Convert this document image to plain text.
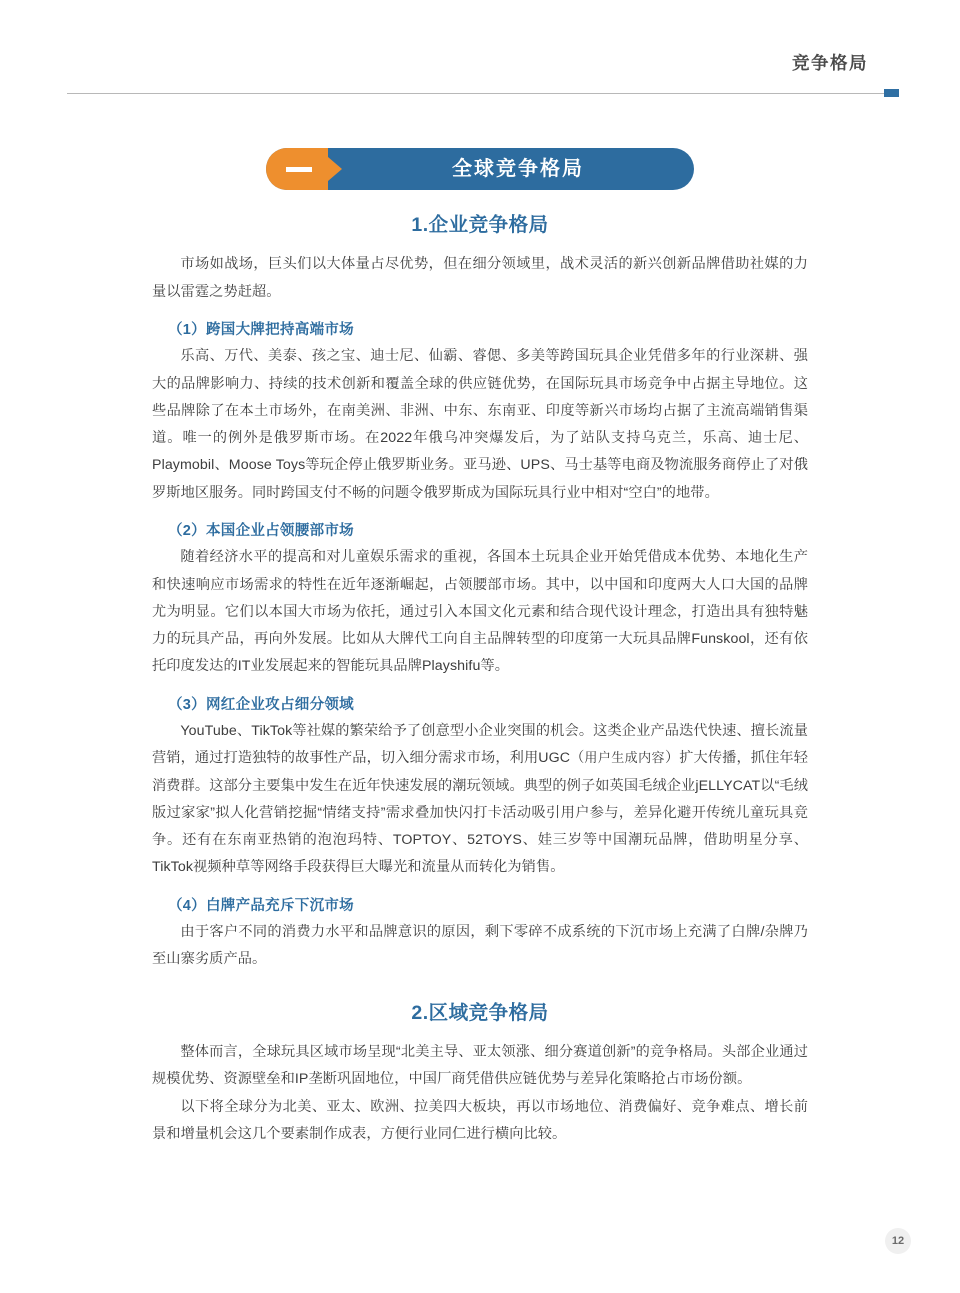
竞争格局
全球竞争格局
1.企业竞争格局

市场如战场，巨头们以大体量占尽优势，但在细分领域里，战术灵活的新兴创新品牌借助社媒的力量以雷霆之势赶超。

（1）跨国大牌把持高端市场

乐高、万代、美泰、孩之宝、迪士尼、仙霸、睿偲、多美等跨国玩具企业凭借多年的行业深耕、强大的品牌影响力、持续的技术创新和覆盖全球的供应链优势，在国际玩具市场竞争中占据主导地位。这些品牌除了在本土市场外，在南美洲、非洲、中东、东南亚、印度等新兴市场均占据了主流高端销售渠道。唯一的例外是俄罗斯市场。在2022年俄乌冲突爆发后，为了站队支持乌克兰，乐高、迪士尼、Playmobil、Moose Toys等玩企停止俄罗斯业务。亚马逊、UPS、马士基等电商及物流服务商停止了对俄罗斯地区服务。同时跨国支付不畅的问题令俄罗斯成为国际玩具行业中相对“空白”的地带。

（2）本国企业占领腰部市场

随着经济水平的提高和对儿童娱乐需求的重视，各国本土玩具企业开始凭借成本优势、本地化生产和快速响应市场需求的特性在近年逐渐崛起，占领腰部市场。其中，以中国和印度两大人口大国的品牌尤为明显。它们以本国大市场为依托，通过引入本国文化元素和结合现代设计理念，打造出具有独特魅力的玩具产品，再向外发展。比如从大牌代工向自主品牌转型的印度第一大玩具品牌Funskool，还有依托印度发达的IT业发展起来的智能玩具品牌Playshifu等。

（3）网红企业攻占细分领域

YouTube、TikTok等社媒的繁荣给予了创意型小企业突围的机会。这类企业产品迭代快速、擅长流量营销，通过打造独特的故事性产品，切入细分需求市场，利用UGC（用户生成内容）扩大传播，抓住年轻消费群。这部分主要集中发生在近年快速发展的潮玩领域。典型的例子如英国毛绒企业jELLYCAT以“毛绒版过家家”拟人化营销挖掘“情绪支持”需求叠加快闪打卡活动吸引用户参与，差异化避开传统儿童玩具竞争。还有在东南亚热销的泡泡玛特、TOPTOY、52TOYS、娃三岁等中国潮玩品牌，借助明星分享、TikTok视频种草等网络手段获得巨大曝光和流量从而转化为销售。

（4）白牌产品充斥下沉市场

由于客户不同的消费力水平和品牌意识的原因，剩下零碎不成系统的下沉市场上充满了白牌/杂牌乃至山寨劣质产品。

2.区域竞争格局

整体而言，全球玩具区域市场呈现“北美主导、亚太领涨、细分赛道创新”的竞争格局。头部企业通过规模优势、资源壁垒和IP垄断巩固地位，中国厂商凭借供应链优势与差异化策略抢占市场份额。

以下将全球分为北美、亚太、欧洲、拉美四大板块，再以市场地位、消费偏好、竞争难点、增长前景和增量机会这几个要素制作成表，方便行业同仁进行横向比较。

12
